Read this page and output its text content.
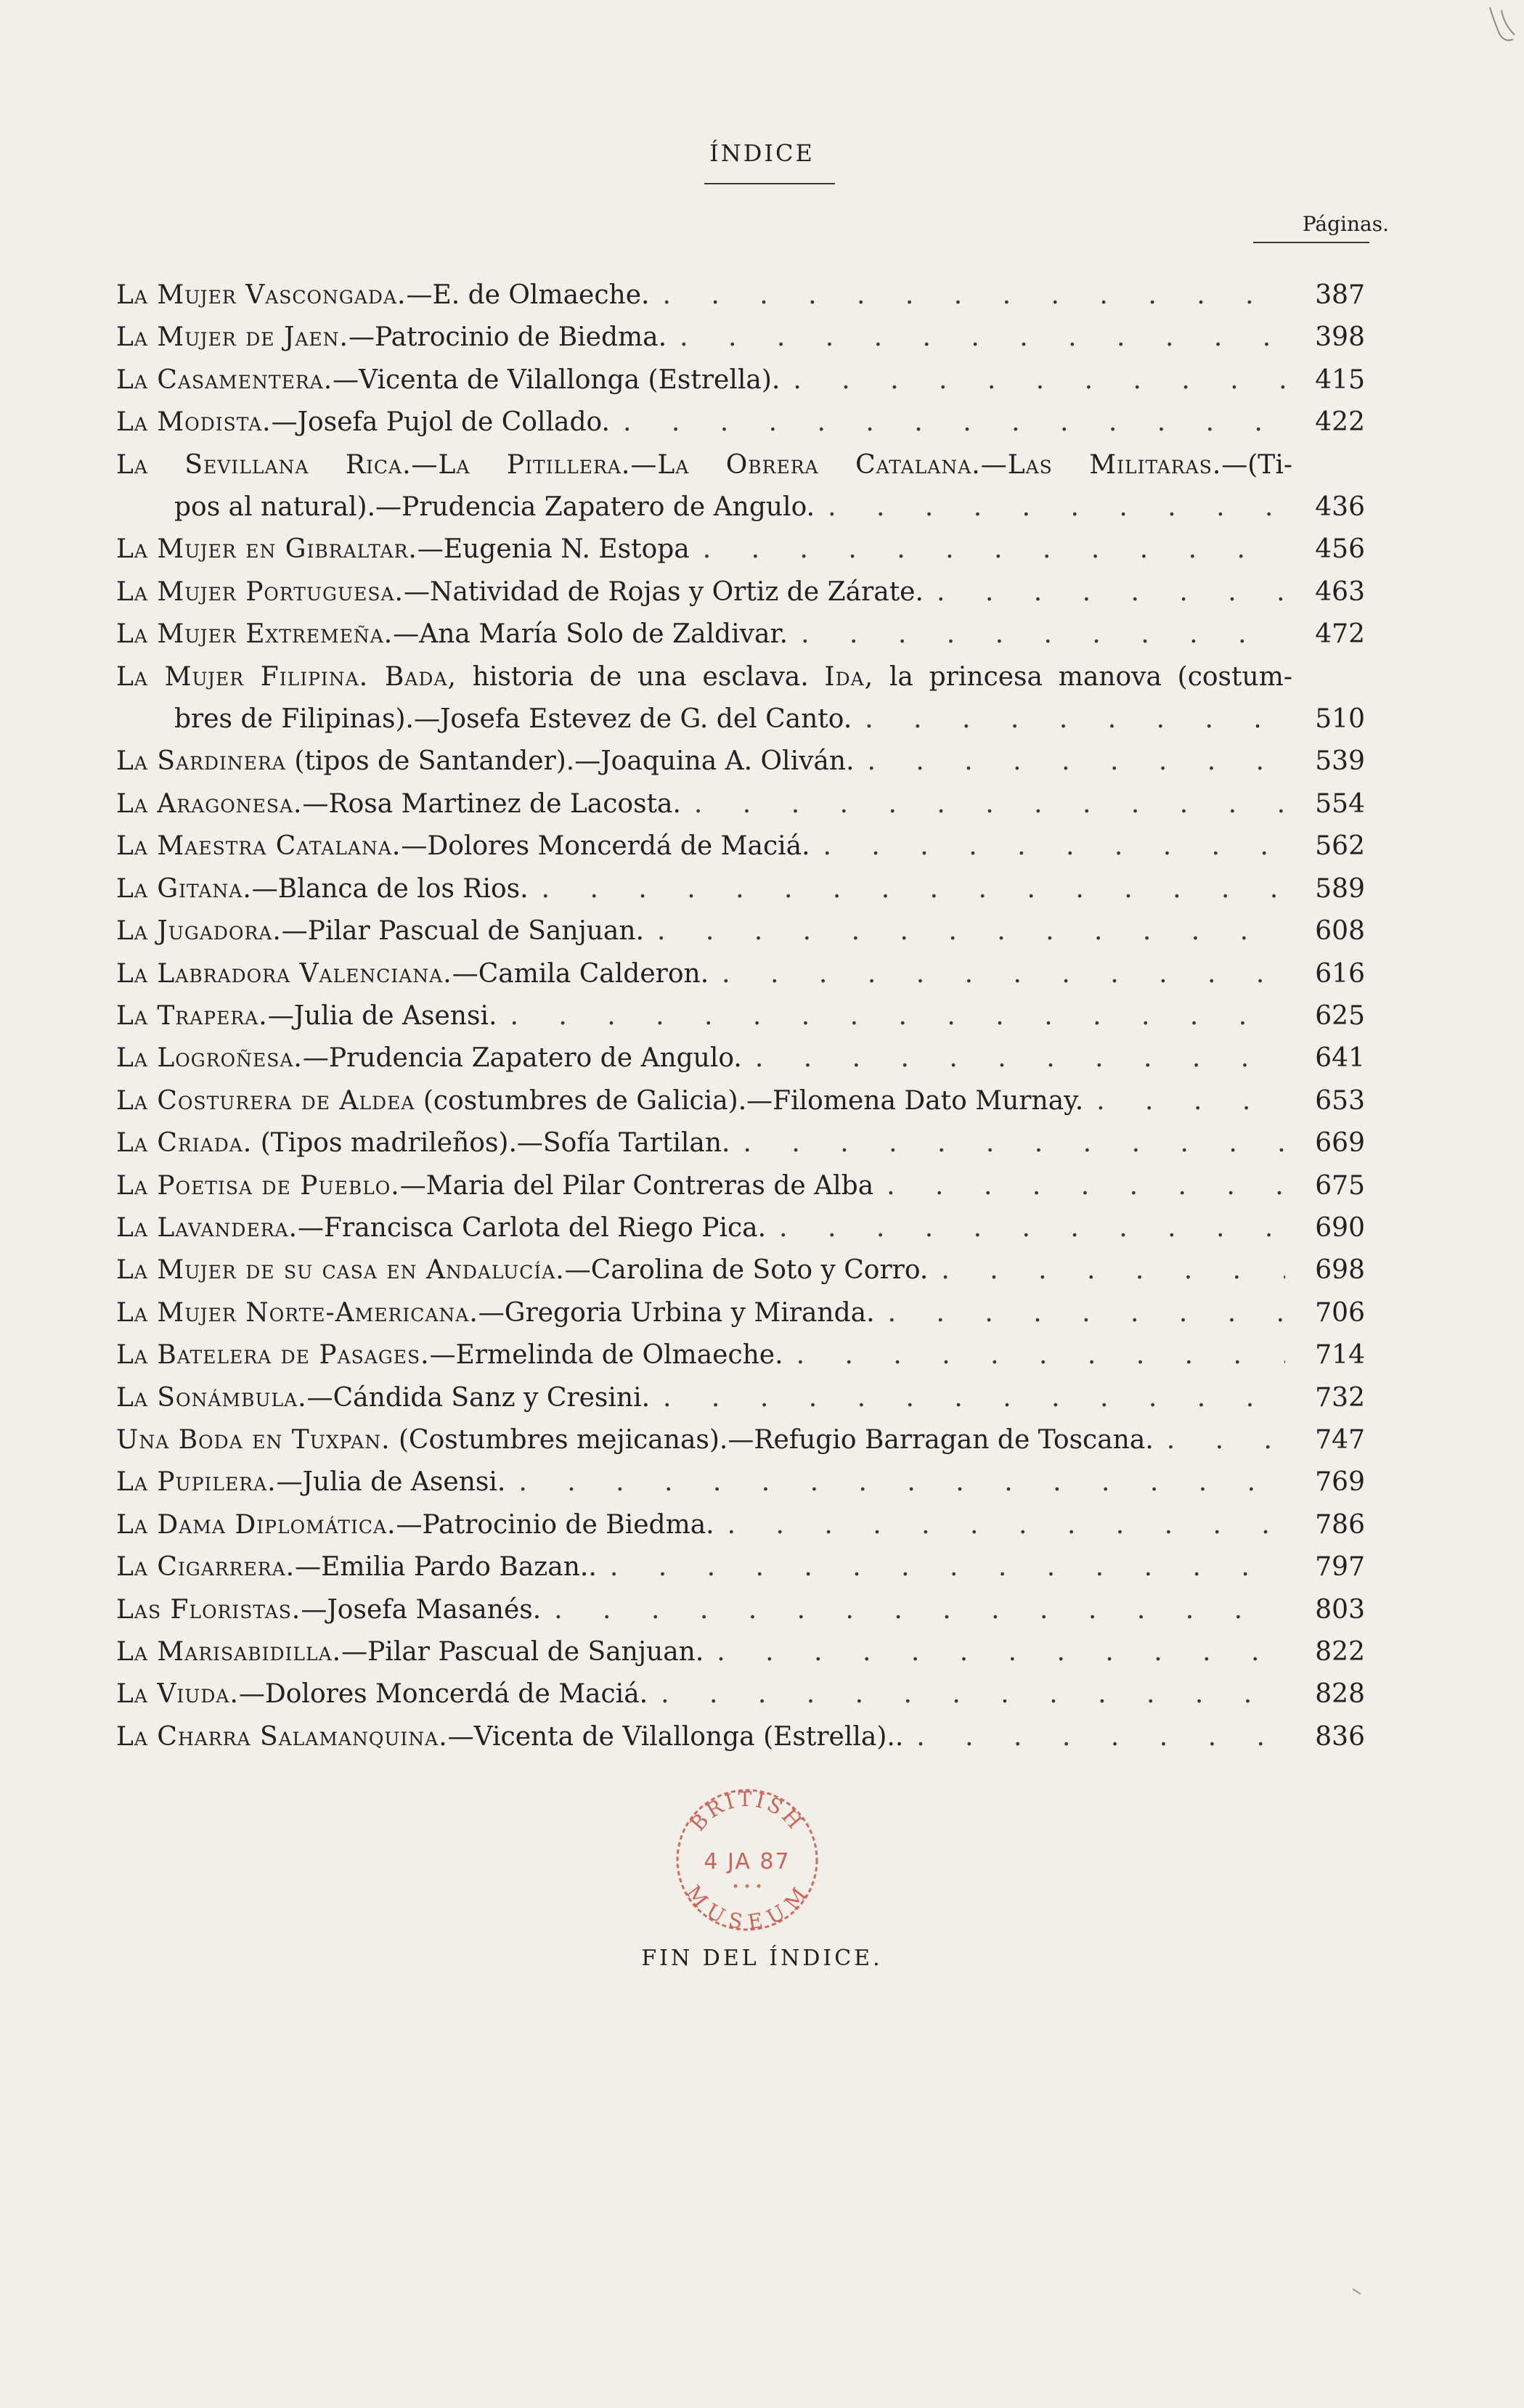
ÍNDICE
Páginas.
La Mujer Vascongada.—E. de Olmaeche. . . .	387
La Mujer de Jaen.—Patrocinio de Biedma. . . .	398
La Casamentera.—Vicenta de Vilallonga (Estrella). . . .	415
La Modista.—Josefa Pujol de Collado. . . .	422
La Sevillana Rica.—La Pitillera.—La Obrera Catalana.—Las Militaras.—(Ti-
pos al natural).—Prudencia Zapatero de Angulo. . . .	436
La Mujer en Gibraltar.—Eugenia N. Estopa . . .	456
La Mujer Portuguesa.—Natividad de Rojas y Ortiz de Zárate. . . .	463
La Mujer Extremeña.—Ana María Solo de Zaldivar. . . .	472
La Mujer Filipina. Bada, historia de una esclava. Ida, la princesa manova (costum-
bres de Filipinas).—Josefa Estevez de G. del Canto. . . .	510
La Sardinera (tipos de Santander).—Joaquina A. Oliván. . . .	539
La Aragonesa.—Rosa Martinez de Lacosta. . . .	554
La Maestra Catalana.—Dolores Moncerdá de Maciá. . . .	562
La Gitana.—Blanca de los Rios. . . .	589
La Jugadora.—Pilar Pascual de Sanjuan. . . .	608
La Labradora Valenciana.—Camila Calderon. . . .	616
La Trapera.—Julia de Asensi. . . .	625
La Logroñesa.—Prudencia Zapatero de Angulo. . . .	641
La Costurera de Aldea (costumbres de Galicia).—Filomena Dato Murnay. . . .	653
La Criada. (Tipos madrileños).—Sofía Tartilan. . . .	669
La Poetisa de Pueblo.—Maria del Pilar Contreras de Alba . . .	675
La Lavandera.—Francisca Carlota del Riego Pica. . . .	690
La Mujer de su casa en Andalucía.—Carolina de Soto y Corro. . . .	698
La Mujer Norte-Americana.—Gregoria Urbina y Miranda. . . .	706
La Batelera de Pasages.—Ermelinda de Olmaeche. . . .	714
La Sonámbula.—Cándida Sanz y Cresini. . . .	732
Una Boda en Tuxpan. (Costumbres mejicanas).—Refugio Barragan de Toscana. . . .	747
La Pupilera.—Julia de Asensi. . . .	769
La Dama Diplomática.—Patrocinio de Biedma. . . .	786
La Cigarrera.—Emilia Pardo Bazan.. . . .	797
Las Floristas.—Josefa Masanés. . . .	803
La Marisabidilla.—Pilar Pascual de Sanjuan. . . .	822
La Viuda.—Dolores Moncerdá de Maciá. . . .	828
La Charra Salamanquina.—Vicenta de Vilallonga (Estrella).. . . .	836
BRITISH
4 JA 87
MUSEUM
FIN DEL ÍNDICE.
